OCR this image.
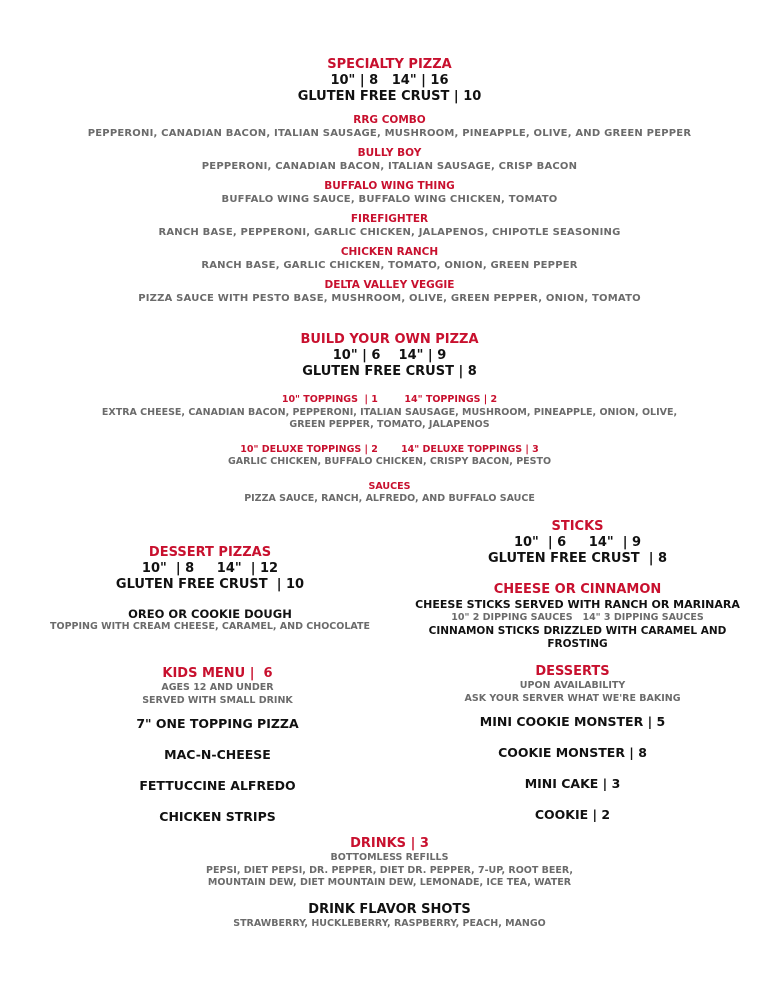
SPECIALTY PIZZA
10" | 8   14" | 16
GLUTEN FREE CRUST | 10
RRG COMBO
PEPPERONI, CANADIAN BACON, ITALIAN SAUSAGE, MUSHROOM, PINEAPPLE, OLIVE, AND GREEN PEPPER
BULLY BOY
PEPPERONI, CANADIAN BACON, ITALIAN SAUSAGE, CRISP BACON
BUFFALO WING THING
BUFFALO WING SAUCE, BUFFALO WING CHICKEN, TOMATO
FIREFIGHTER
RANCH BASE, PEPPERONI, GARLIC CHICKEN, JALAPENOS, CHIPOTLE SEASONING
CHICKEN RANCH
RANCH BASE, GARLIC CHICKEN, TOMATO, ONION, GREEN PEPPER
DELTA VALLEY VEGGIE
PIZZA SAUCE WITH PESTO BASE, MUSHROOM, OLIVE, GREEN PEPPER, ONION, TOMATO
BUILD YOUR OWN PIZZA
10" | 6    14" | 9
GLUTEN FREE CRUST | 8
10" TOPPINGS  | 1        14" TOPPINGS | 2
EXTRA CHEESE, CANADIAN BACON, PEPPERONI, ITALIAN SAUSAGE, MUSHROOM, PINEAPPLE, ONION, OLIVE,
GREEN PEPPER, TOMATO, JALAPENOS
10" DELUXE TOPPINGS | 2       14" DELUXE TOPPINGS | 3
GARLIC CHICKEN, BUFFALO CHICKEN, CRISPY BACON, PESTO
SAUCES
PIZZA SAUCE, RANCH, ALFREDO, AND BUFFALO SAUCE
DESSERT PIZZAS
10"  | 8     14"  | 12
GLUTEN FREE CRUST  | 10
OREO OR COOKIE DOUGH
TOPPING WITH CREAM CHEESE, CARAMEL, AND CHOCOLATE
STICKS
10"  | 6     14"  | 9
GLUTEN FREE CRUST  | 8
CHEESE OR CINNAMON
CHEESE STICKS SERVED WITH RANCH OR MARINARA
10" 2 DIPPING SAUCES   14" 3 DIPPING SAUCES
CINNAMON STICKS DRIZZLED WITH CARAMEL AND FROSTING
KIDS MENU |  6
AGES 12 AND UNDER
SERVED WITH SMALL DRINK
7" ONE TOPPING PIZZA
MAC-N-CHEESE
FETTUCCINE ALFREDO
CHICKEN STRIPS
DESSERTS
UPON AVAILABILITY
ASK YOUR SERVER WHAT WE'RE BAKING
MINI COOKIE MONSTER | 5
COOKIE MONSTER | 8
MINI CAKE | 3
COOKIE | 2
DRINKS | 3
BOTTOMLESS REFILLS
PEPSI, DIET PEPSI, DR. PEPPER, DIET DR. PEPPER, 7-UP, ROOT BEER,
MOUNTAIN DEW, DIET MOUNTAIN DEW, LEMONADE, ICE TEA, WATER
DRINK FLAVOR SHOTS
STRAWBERRY, HUCKLEBERRY, RASPBERRY, PEACH, MANGO
